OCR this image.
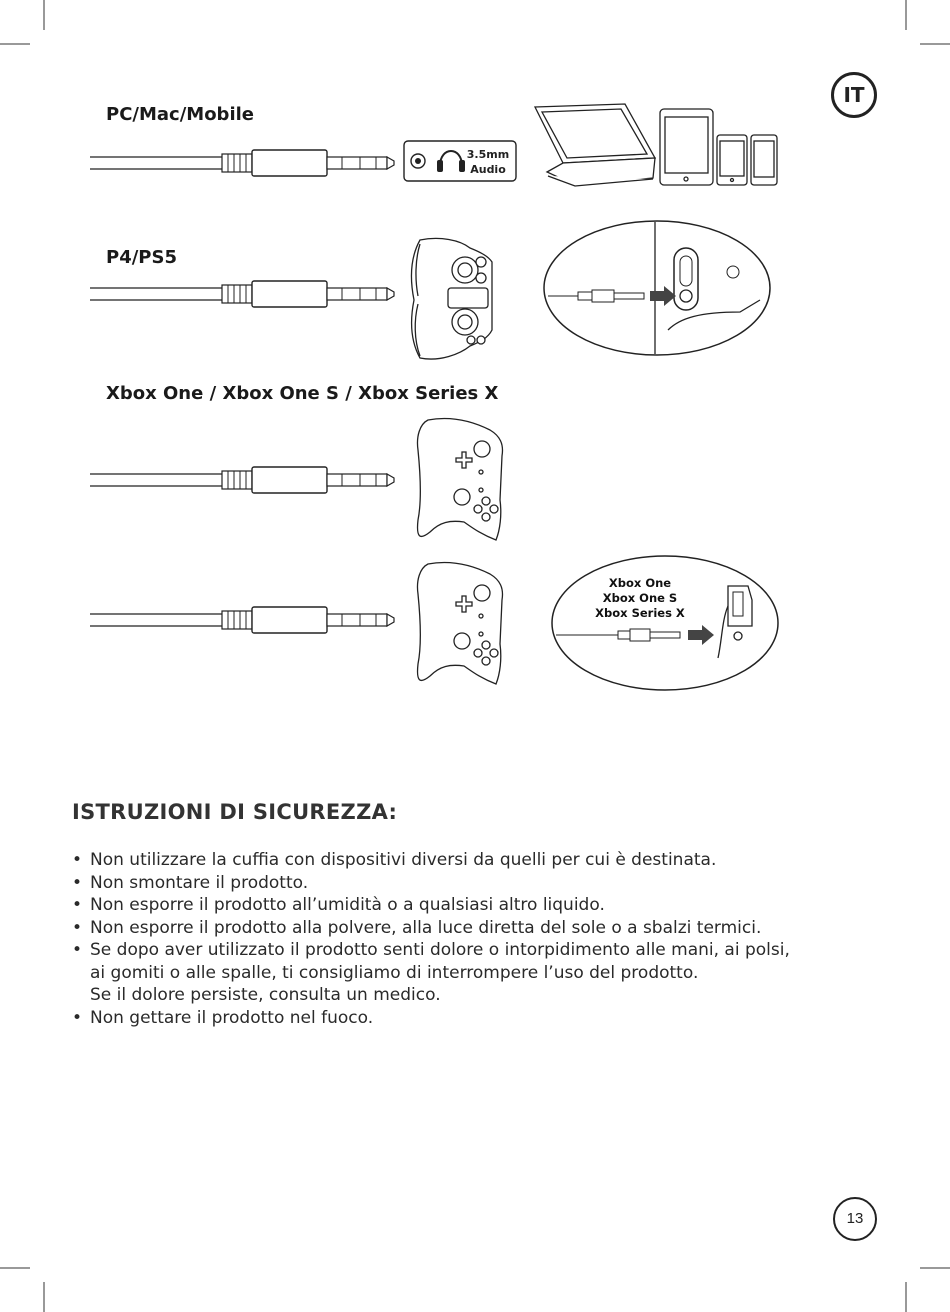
IT
PC/Mac/Mobile
P4/PS5
Xbox One / Xbox One S / Xbox Series X
3.5mm
Audio
Xbox One
Xbox One S
Xbox Series X
ISTRUZIONI DI SICUREZZA:
• Non utilizzare la cuffia con dispositivi diversi da quelli per cui è destinata.
• Non smontare il prodotto.
• Non esporre il prodotto all’umidità o a qualsiasi altro liquido.
• Non esporre il prodotto alla polvere, alla luce diretta del sole o a sbalzi termici.
• Se dopo aver utilizzato il prodotto senti dolore o intorpidimento alle mani, ai polsi,
ai gomiti o alle spalle, ti consigliamo di interrompere l’uso del prodotto.
Se il dolore persiste, consulta un medico.
• Non gettare il prodotto nel fuoco.
13
